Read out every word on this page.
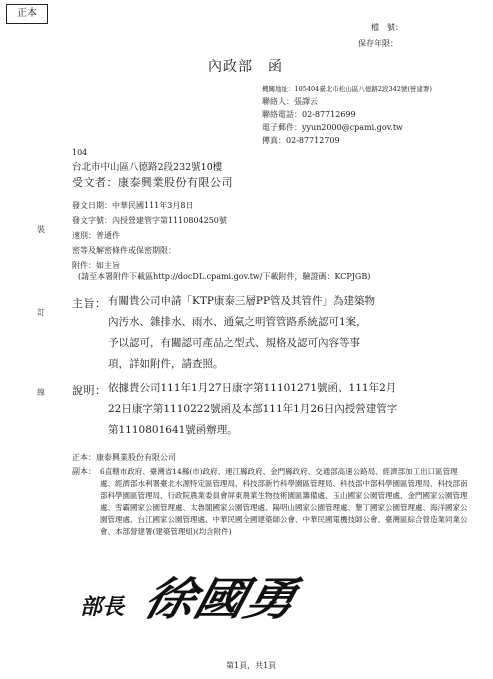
正本
檔　號：
保存年限：
內政部　函
機關地址：105404臺北市松山區八德路2段342號(營建署)
聯絡人：張譯云
聯絡電話：02-87712699
電子郵件：yyun2000@cpami.gov.tw
傳真：02-87712709
104
台北市中山區八德路2段232號10樓
受文者：康泰興業股份有限公司
發文日期：中華民國111年3月8日
發文字號：內授營建管字第1110804250號
速別：普通件
密等及解密條件或保密期限：
附件：如主旨
(請至本署附件下載區http://docDL.cpami.gov.tw/下載附件，驗證碼：KCPJGB)
裝
訂
線
主旨： 有關貴公司申請「KTP康泰三層PP管及其管件」為建築物
內汚水、雜排水、雨水、通氣之明管管路系統認可1案，
予以認可，有關認可產品之型式、規格及認可內容等事
項，詳如附件，請查照。
說明： 依據貴公司111年1月27日康字第11101271號函、111年2月
22日康字第1110222號函及本部111年1月26日內授營建管字
第1110801641號函辦理。
正本：康泰興業股份有限公司
副本： 6直轄市政府、臺灣省14縣(市)政府、連江縣政府、金門縣政府、交通部高速公路局、經濟部加工出口區管理處、經濟部水利署臺北水源特定區管理局、科技部新竹科學園區管理局、科技部中部科學園區管理局、科技部南部科學園區管理局、行政院農業委員會屏東農業生物技術園區籌備處、玉山國家公園管理處、金門國家公園管理處、雪霸國家公園管理處、太魯閣國家公園管理處、陽明山國家公園管理處、墾丁國家公園管理處、海洋國家公園管理處、台江國家公園管理處、中華民國全國建築師公會、中華民國電機技師公會、臺灣區綜合營造業同業公會、本部營建署(建築管理組)(均含附件)
部長 徐國勇
第1頁，共1頁
